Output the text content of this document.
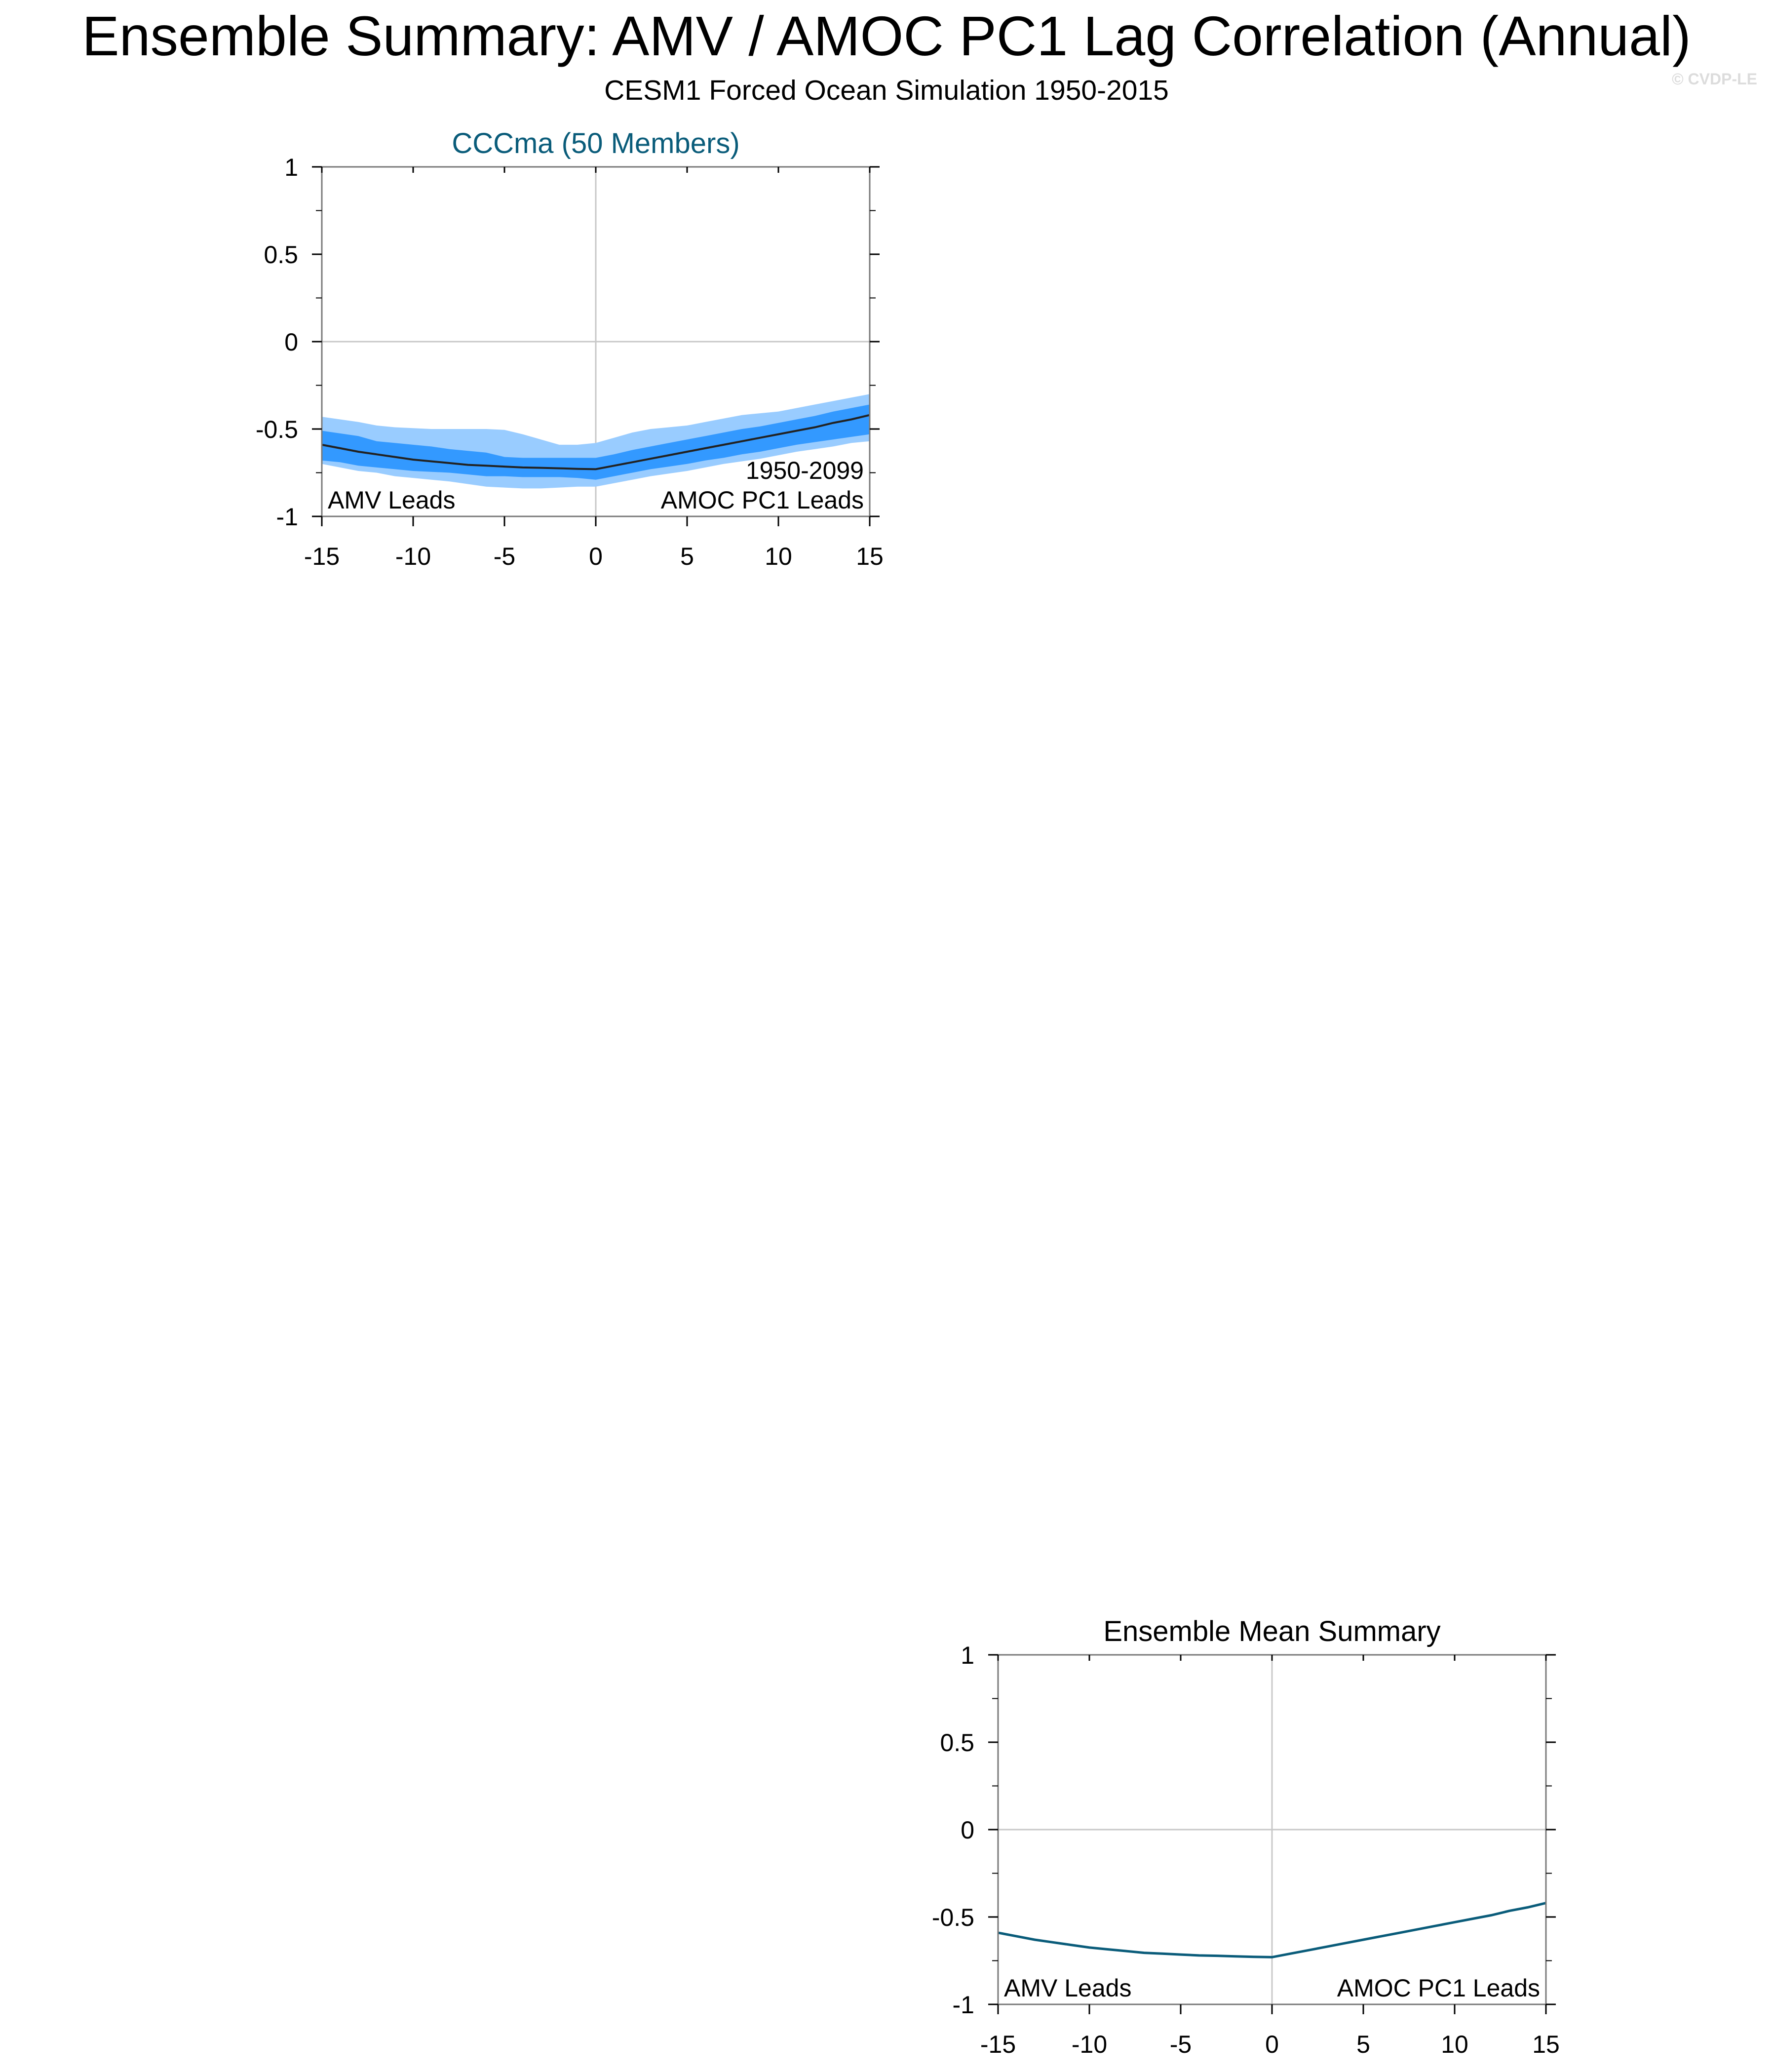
Ensemble Summary: AMV / AMOC PC1 Lag Correlation (Annual)
CESM1 Forced Ocean Simulation 1950-2015	© CVDP-LE
CCCma (50 Members)
-15 -10	-5	0	5	10	15
1
0.5
0
-0.5
-1
AMV Leads	AMOC PC1 Leads
1950-2099
Ensemble Mean Summary
-15 -10	-5	0	5	10	15
1
0.5
0
-0.5
-1
AMV Leads	AMOC PC1 Leads
